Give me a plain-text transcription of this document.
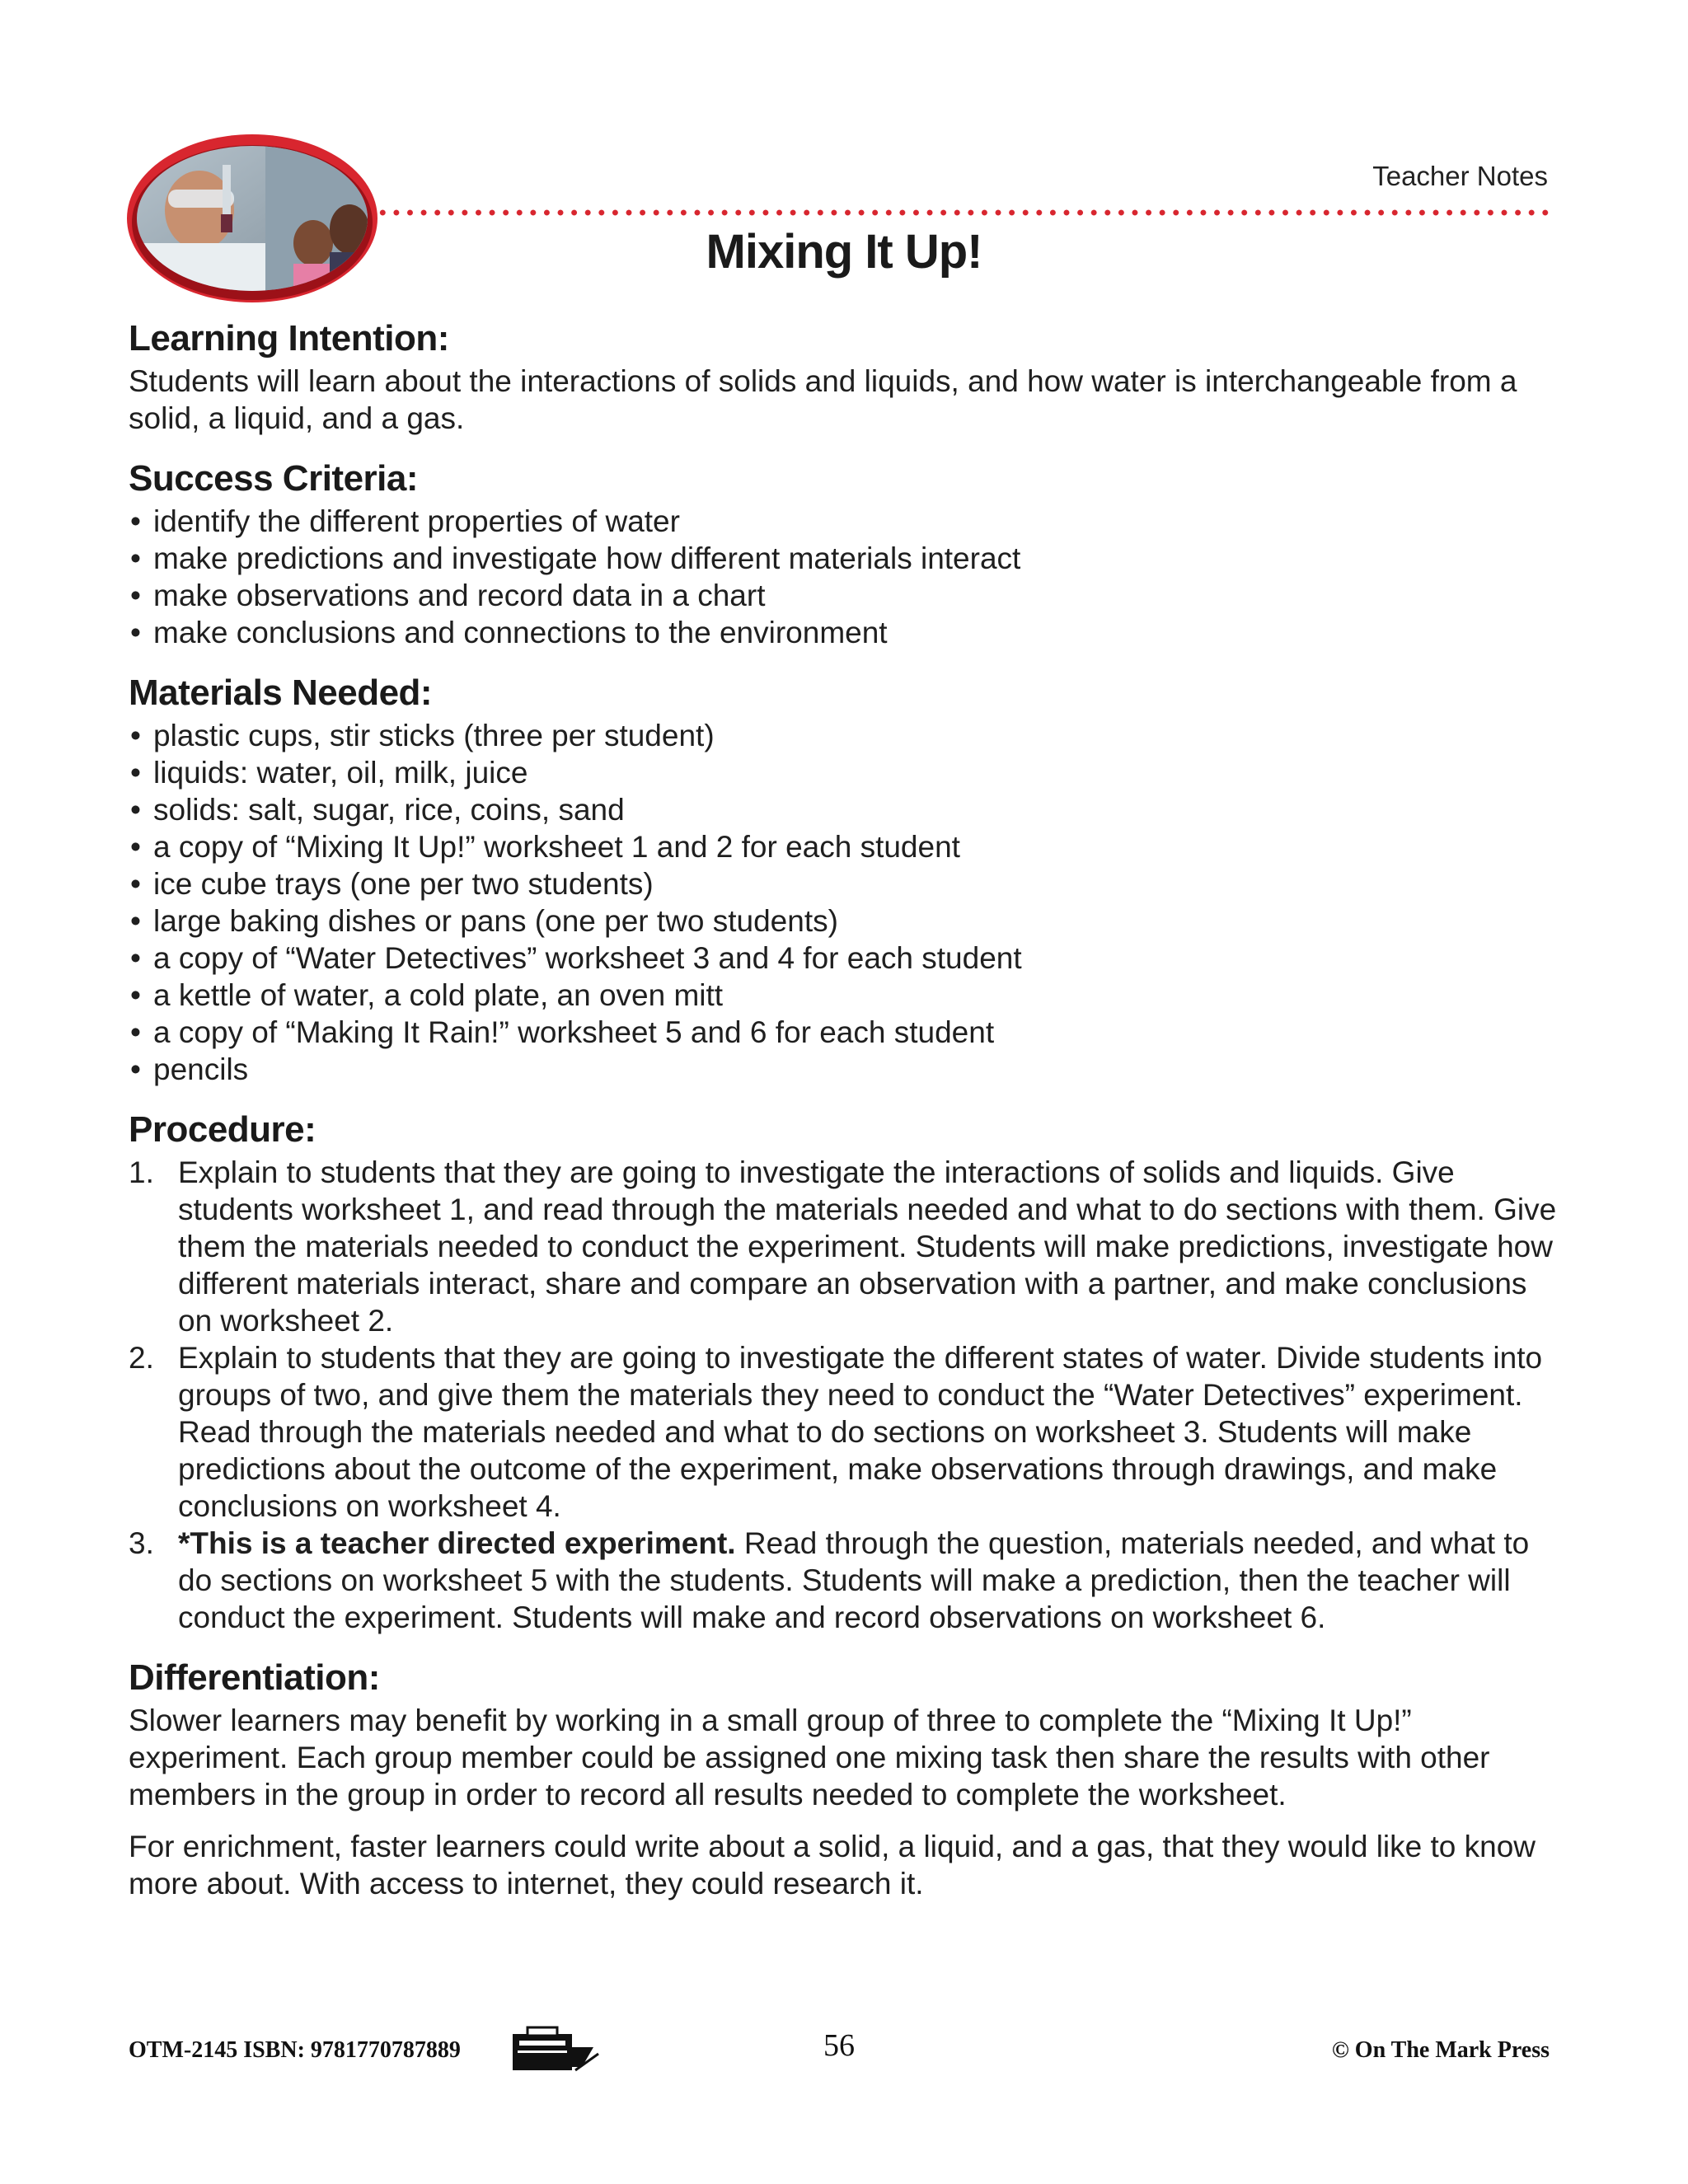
Teacher Notes
Mixing It Up!
Learning Intention:

Students will learn about the interactions of solids and liquids, and how water is interchangeable from a solid, a liquid, and a gas.

Success Criteria:
• identify the different properties of water
• make predictions and investigate how different materials interact
• make observations and record data in a chart
• make conclusions and connections to the environment
Materials Needed:
• plastic cups, stir sticks (three per student)
• liquids: water, oil, milk, juice
• solids: salt, sugar, rice, coins, sand
• a copy of “Mixing It Up!” worksheet 1 and 2 for each student
• ice cube trays (one per two students)
• large baking dishes or pans (one per two students)
• a copy of “Water Detectives” worksheet 3 and 4 for each student
• a kettle of water, a cold plate, an oven mitt
• a copy of “Making It Rain!” worksheet 5 and 6 for each student
• pencils
Procedure:
1. Explain to students that they are going to investigate the interactions of solids and liquids. Give students worksheet 1, and read through the materials needed and what to do sections with them. Give them the materials needed to conduct the experiment. Students will make predictions, investigate how different materials interact, share and compare an observation with a partner, and make conclusions on worksheet 2.
2. Explain to students that they are going to investigate the different states of water. Divide students into groups of two, and give them the materials they need to conduct the “Water Detectives” experiment. Read through the materials needed and what to do sections on worksheet 3. Students will make predictions about the outcome of the experiment, make observations through drawings, and make conclusions on worksheet 4.
3. *This is a teacher directed experiment. Read through the question, materials needed, and what to do sections on worksheet 5 with the students. Students will make a prediction, then the teacher will conduct the experiment. Students will make and record observations on worksheet 6.
Differentiation:

Slower learners may benefit by working in a small group of three to complete the “Mixing It Up!” experiment. Each group member could be assigned one mixing task then share the results with other members in the group in order to record all results needed to complete the worksheet.

For enrichment, faster learners could write about a solid, a liquid, and a gas, that they would like to know more about. With access to internet, they could research it.

OTM-2145 ISBN: 9781770787889	56	© On The Mark Press
